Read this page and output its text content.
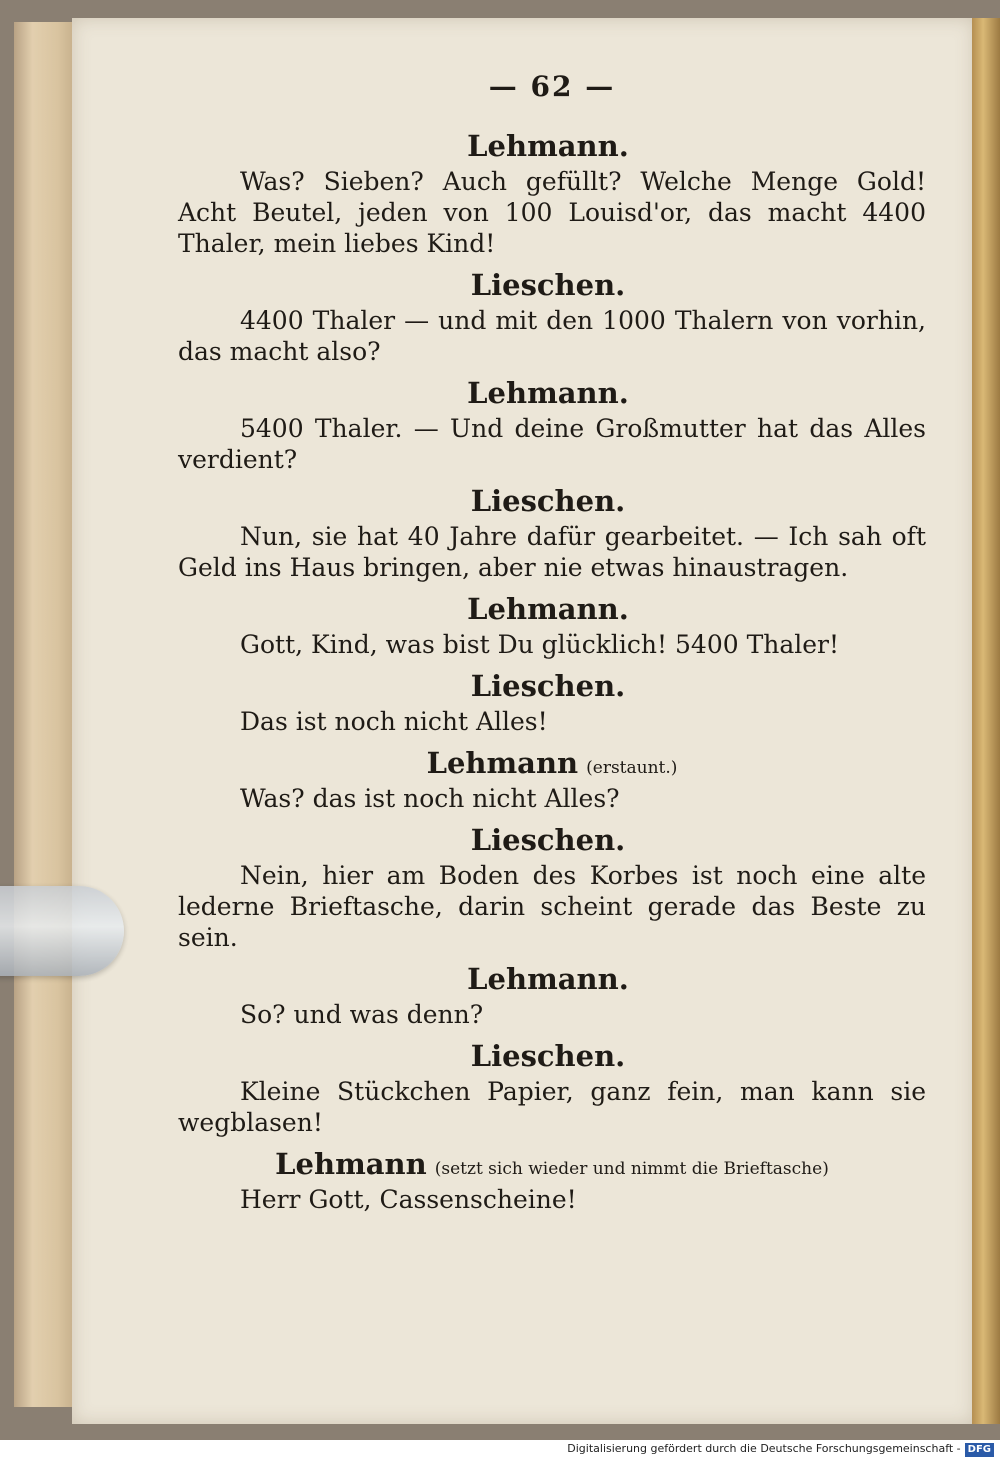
— 62 —
Lehmann.

Was? Sieben? Auch gefüllt? Welche Menge Gold! Acht Beutel, jeden von 100 Louisd'or, das macht 4400 Thaler, mein liebes Kind!

Lieschen.

4400 Thaler — und mit den 1000 Thalern von vorhin, das macht also?

Lehmann.

5400 Thaler. — Und deine Großmutter hat das Alles verdient?

Lieschen.

Nun, sie hat 40 Jahre dafür gearbeitet. — Ich sah oft Geld ins Haus bringen, aber nie etwas hinaustragen.

Lehmann.

Gott, Kind, was bist Du glücklich! 5400 Thaler!

Lieschen.

Das ist noch nicht Alles!

Lehmann (erstaunt.)

Was? das ist noch nicht Alles?

Lieschen.

Nein, hier am Boden des Korbes ist noch eine alte lederne Brieftasche, darin scheint gerade das Beste zu sein.

Lehmann.

So? und was denn?

Lieschen.

Kleine Stückchen Papier, ganz fein, man kann sie wegblasen!

Lehmann (setzt sich wieder und nimmt die Brieftasche)

Herr Gott, Cassenscheine!

Digitalisierung gefördert durch die Deutsche Forschungsgemeinschaft - DFG
